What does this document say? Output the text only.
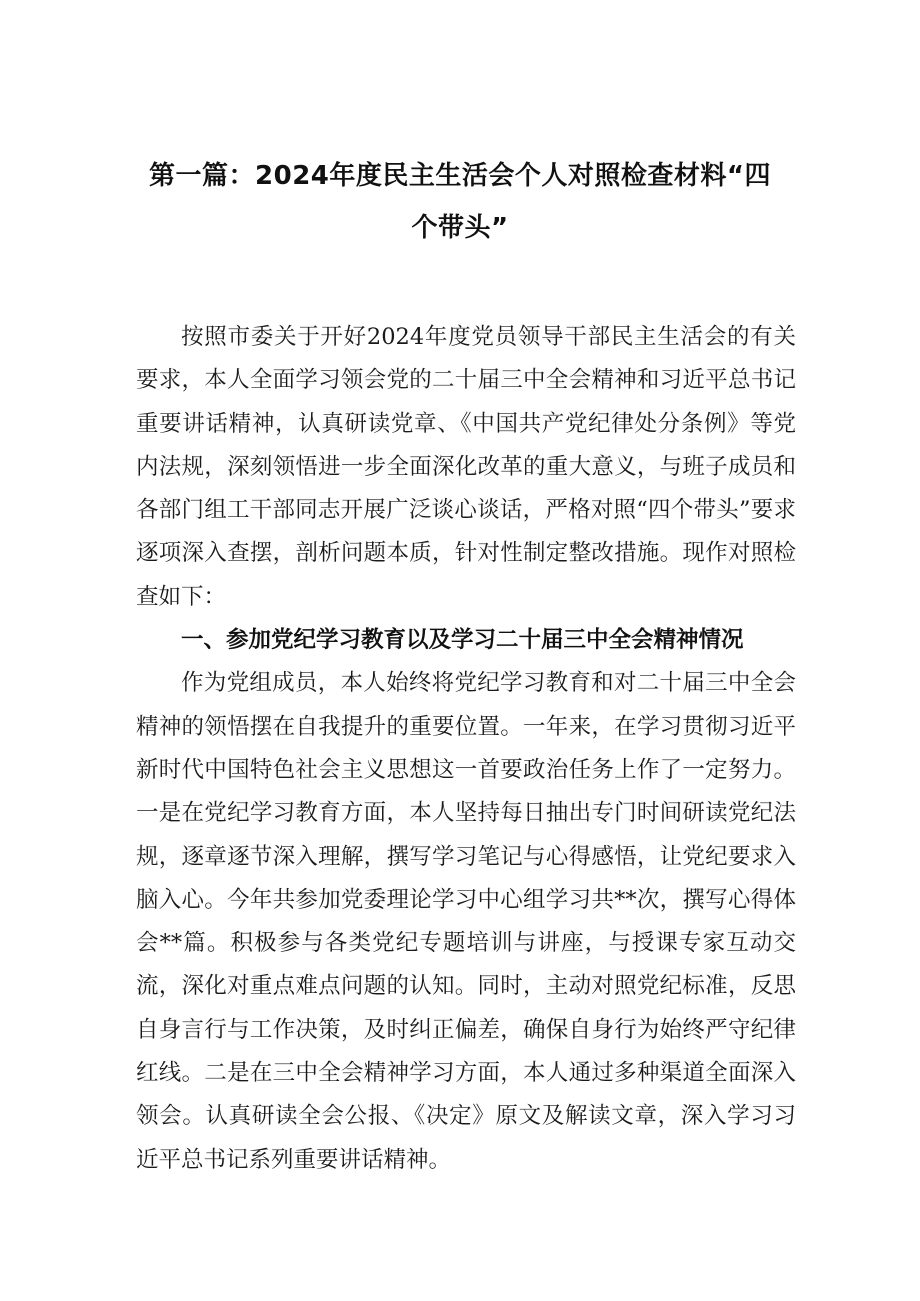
第一篇：2024年度民主生活会个人对照检查材料“四
个带头”

按照市委关于开好2024年度党员领导干部民主生活会的有关要求，本人全面学习领会党的二十届三中全会精神和习近平总书记重要讲话精神，认真研读党章、《中国共产党纪律处分条例》等党内法规，深刻领悟进一步全面深化改革的重大意义，与班子成员和各部门组工干部同志开展广泛谈心谈话，严格对照“四个带头”要求逐项深入查摆，剖析问题本质，针对性制定整改措施。现作对照检查如下：

一、参加党纪学习教育以及学习二十届三中全会精神情况

作为党组成员，本人始终将党纪学习教育和对二十届三中全会精神的领悟摆在自我提升的重要位置。一年来，在学习贯彻习近平新时代中国特色社会主义思想这一首要政治任务上作了一定努力。一是在党纪学习教育方面，本人坚持每日抽出专门时间研读党纪法规，逐章逐节深入理解，撰写学习笔记与心得感悟，让党纪要求入脑入心。今年共参加党委理论学习中心组学习共**次，撰写心得体会**篇。积极参与各类党纪专题培训与讲座，与授课专家互动交流，深化对重点难点问题的认知。同时，主动对照党纪标准，反思自身言行与工作决策，及时纠正偏差，确保自身行为始终严守纪律红线。二是在三中全会精神学习方面，本人通过多种渠道全面深入领会。认真研读全会公报、《决定》原文及解读文章，深入学习习近平总书记系列重要讲话精神。
